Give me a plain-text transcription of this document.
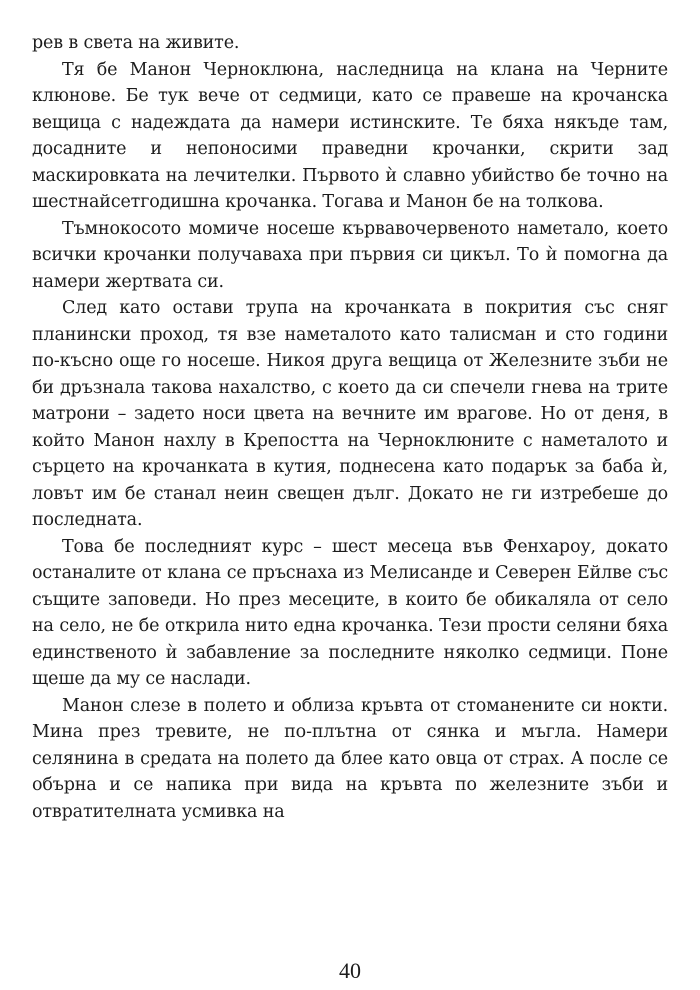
рев в света на живите.

Тя бе Манон Черноклюна, наследница на клана на Черните клюнове. Бе тук вече от седмици, като се правеше на крочанска вещица с надеждата да намери истинските. Те бяха някъде там, досадните и непоносими праведни крочанки, скрити зад маскировката на лечителки. Първото ѝ славно убийство бе точно на шестнайсетгодишна крочанка. Тогава и Манон бе на толкова.

Тъмнокосото момиче носеше кървавочервеното наметало, което всички крочанки получаваха при първия си цикъл. То ѝ помогна да намери жертвата си.

След като остави трупа на крочанката в покрития със сняг планински проход, тя взе наметалото като талисман и сто години по-късно още го носеше. Никоя друга вещица от Железните зъби не би дръзнала такова нахалство, с което да си спечели гнева на трите матрони – задето носи цвета на вечните им врагове. Но от деня, в който Манон нахлу в Крепостта на Черноклюните с наметалото и сърцето на крочанката в кутия, поднесена като подарък за баба ѝ, ловът им бе станал неин свещен дълг. Докато не ги изтребеше до последната.

Това бе последният курс – шест месеца във Фенхароу, докато останалите от клана се пръснаха из Мелисанде и Северен Ейлве със същите заповеди. Но през месеците, в които бе обикаляла от село на село, не бе открила нито една крочанка. Тези прости селяни бяха единственото ѝ забавление за последните няколко седмици. Поне щеше да му се наслади.

Манон слезе в полето и облиза кръвта от стоманените си нокти. Мина през тревите, не по-плътна от сянка и мъгла. Намери селянина в средата на полето да блее като овца от страх. А после се обърна и се напика при вида на кръвта по железните зъби и отвратителната усмивка на

40
